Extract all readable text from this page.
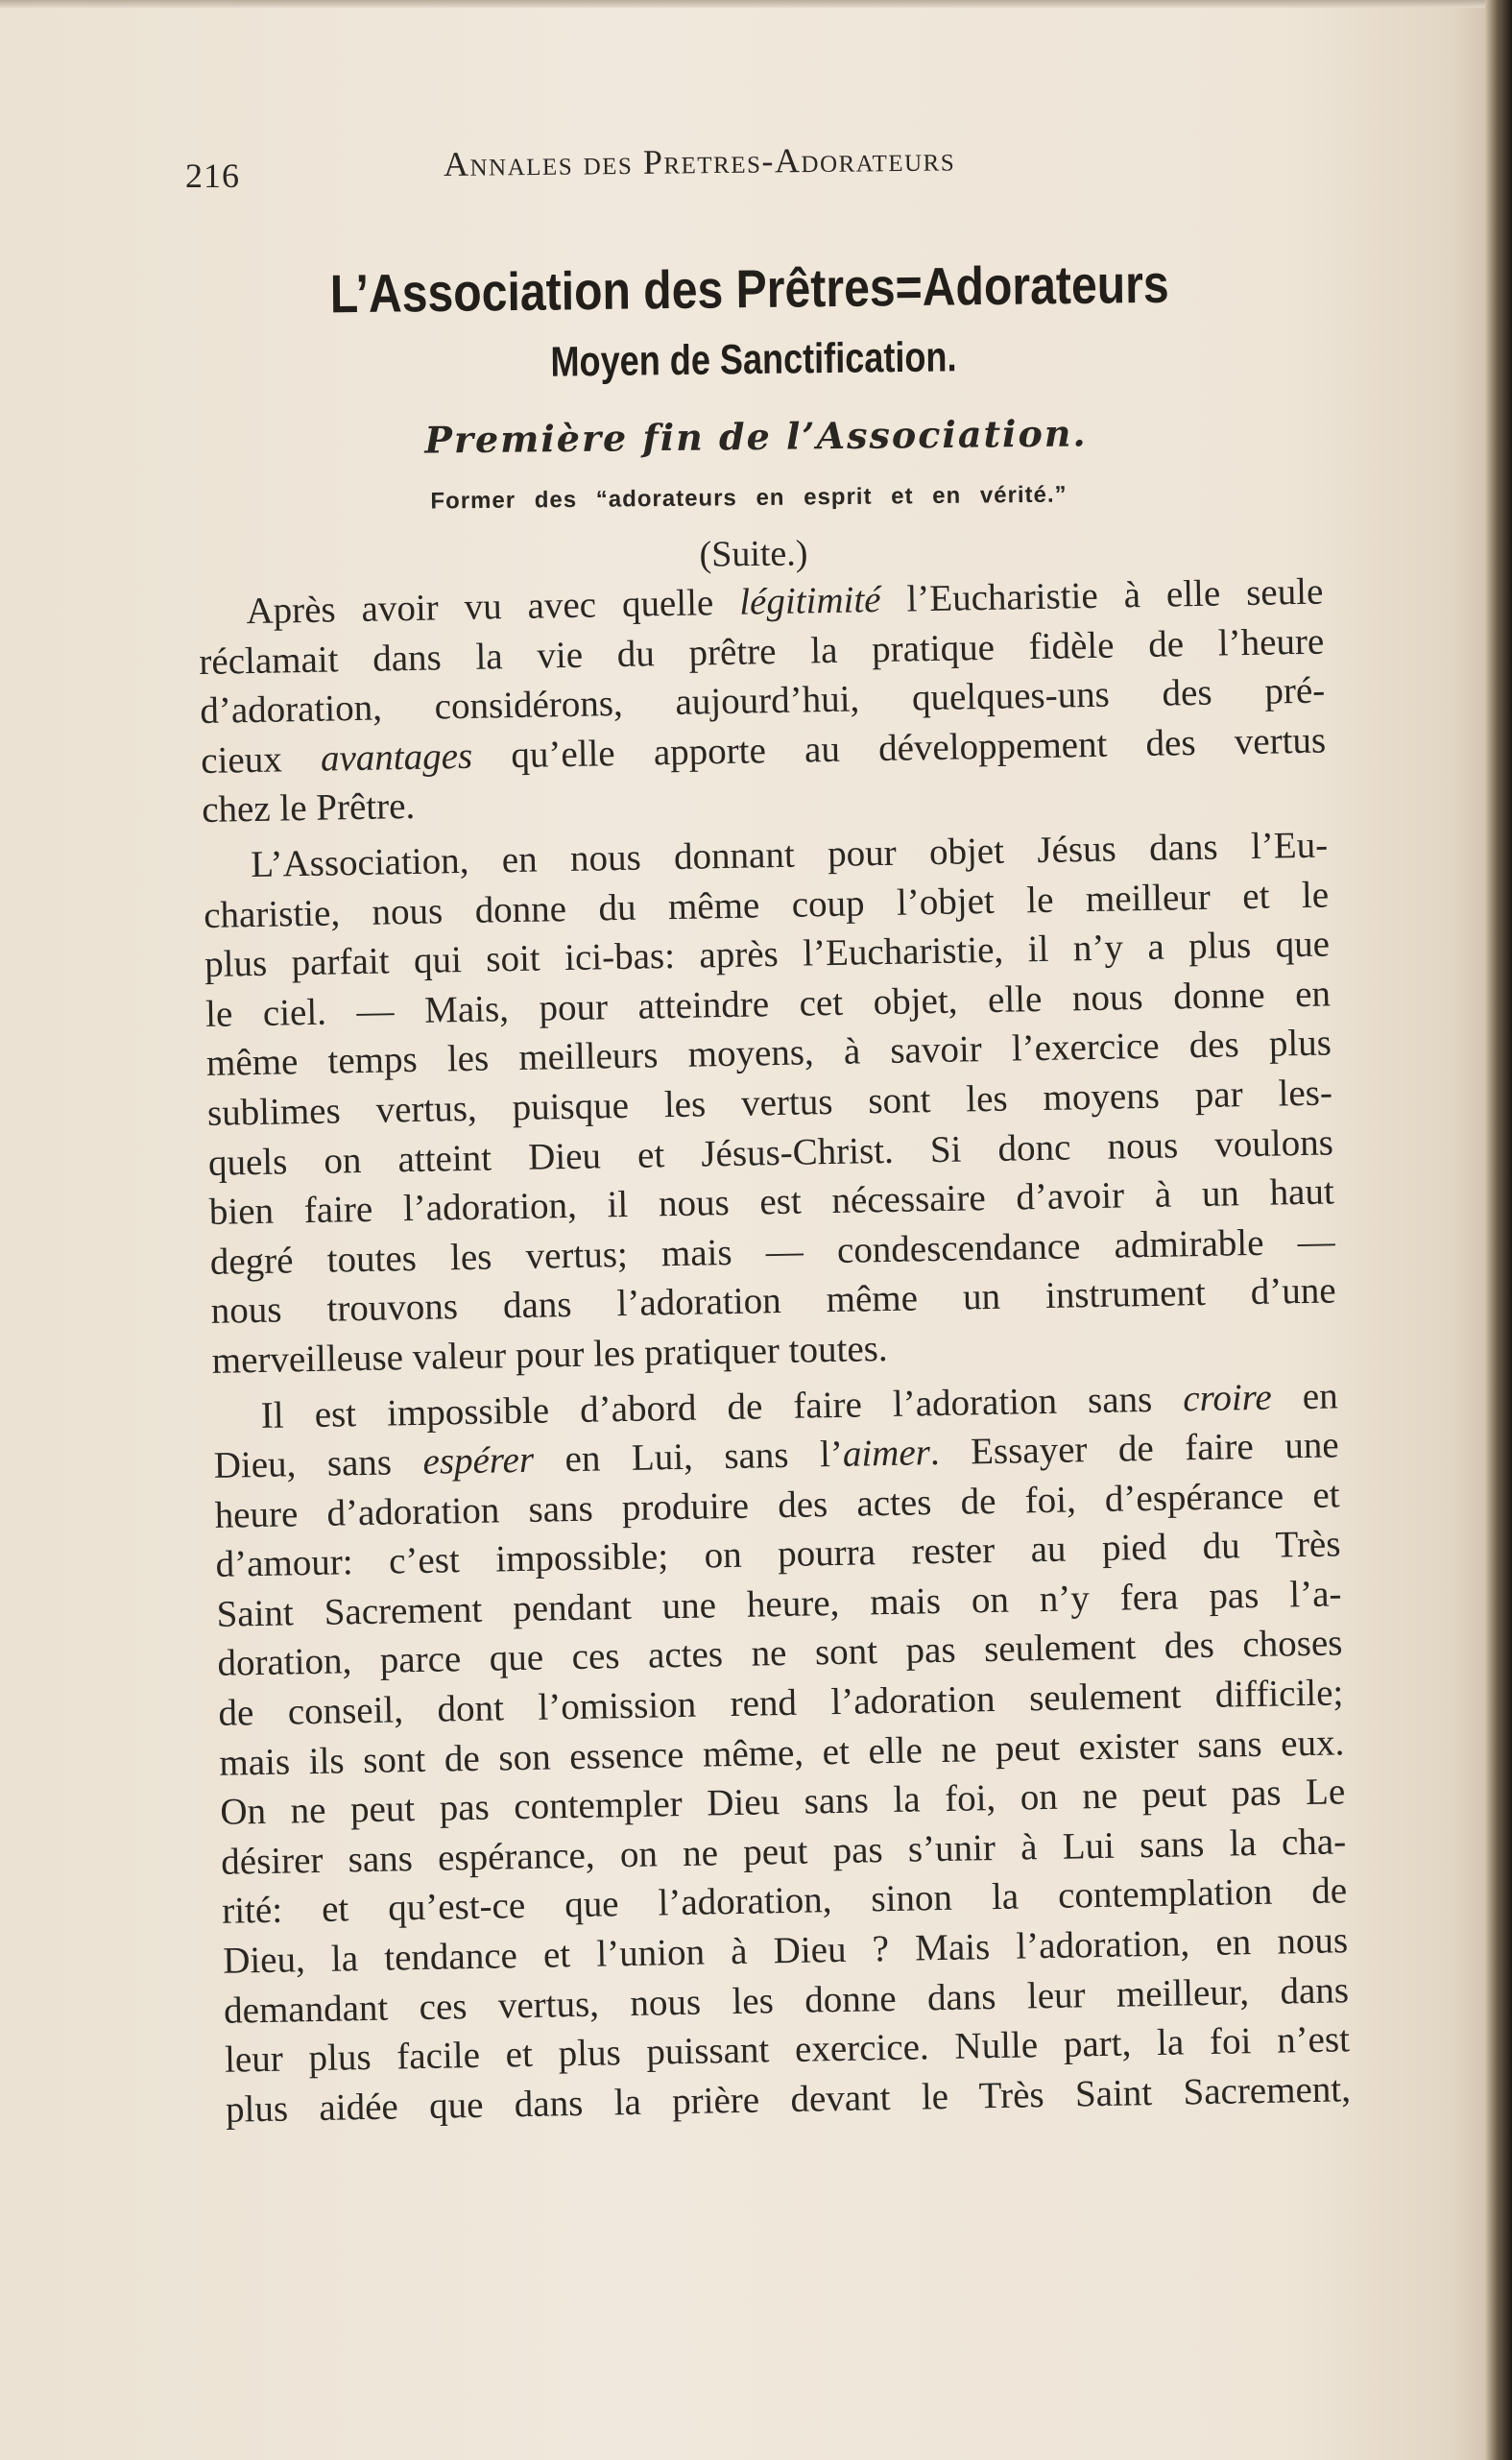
216	Annales des Pretres-Adorateurs
L’Association des Prêtres=Adorateurs
Moyen de Sanctification.
Première fin de l’Association.
Former des “adorateurs en esprit et en vérité.”
(Suite.)
Après avoir vu avec quelle légitimité l’Eucharistie à elle seule
réclamait dans la vie du prêtre la pratique fidèle de l’heure
d’adoration, considérons, aujourd’hui, quelques-uns des pré-
cieux avantages qu’elle apporte au développement des vertus
chez le Prêtre.
L’Association, en nous donnant pour objet Jésus dans l’Eu-
charistie, nous donne du même coup l’objet le meilleur et le
plus parfait qui soit ici-bas: après l’Eucharistie, il n’y a plus que
le ciel. — Mais, pour atteindre cet objet, elle nous donne en
même temps les meilleurs moyens, à savoir l’exercice des plus
sublimes vertus, puisque les vertus sont les moyens par les-
quels on atteint Dieu et Jésus-Christ. Si donc nous voulons
bien faire l’adoration, il nous est nécessaire d’avoir à un haut
degré toutes les vertus; mais — condescendance admirable —
nous trouvons dans l’adoration même un instrument d’une
merveilleuse valeur pour les pratiquer toutes.
Il est impossible d’abord de faire l’adoration sans croire en
Dieu, sans espérer en Lui, sans l’aimer. Essayer de faire une
heure d’adoration sans produire des actes de foi, d’espérance et
d’amour: c’est impossible; on pourra rester au pied du Très
Saint Sacrement pendant une heure, mais on n’y fera pas l’a-
doration, parce que ces actes ne sont pas seulement des choses
de conseil, dont l’omission rend l’adoration seulement difficile;
mais ils sont de son essence même, et elle ne peut exister sans eux.
On ne peut pas contempler Dieu sans la foi, on ne peut pas Le
désirer sans espérance, on ne peut pas s’unir à Lui sans la cha-
rité: et qu’est-ce que l’adoration, sinon la contemplation de
Dieu, la tendance et l’union à Dieu ? Mais l’adoration, en nous
demandant ces vertus, nous les donne dans leur meilleur, dans
leur plus facile et plus puissant exercice. Nulle part, la foi n’est
plus aidée que dans la prière devant le Très Saint Sacrement,
